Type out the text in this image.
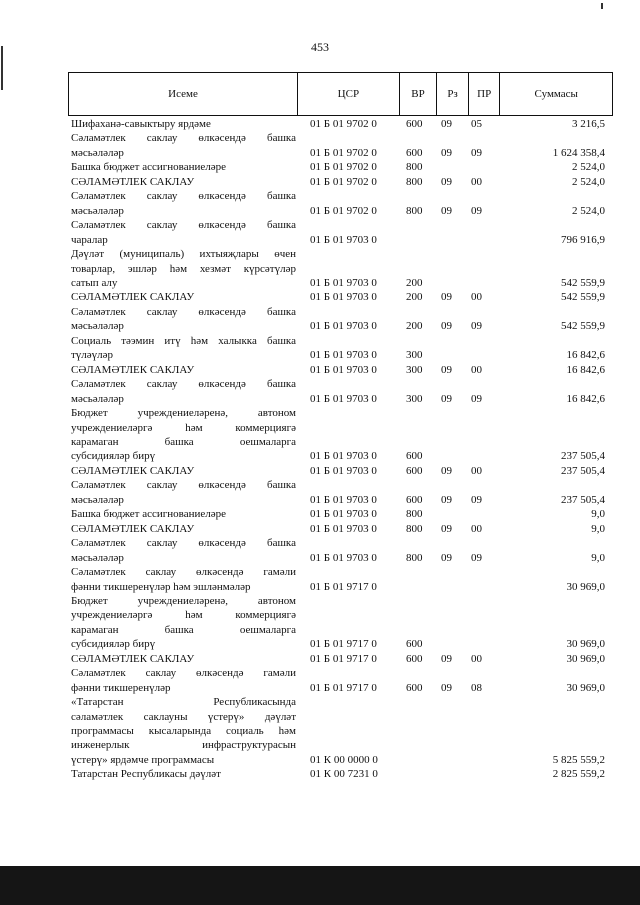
453
Исеме	ЦСР	ВР	Рз	ПР	Суммасы
Шифаханә-савыктыру ярдәме	01 Б 01 9702 0	600	09	05	3 216,5
Сәламәтлек саклау өлкәсендә башка
мәсьәләләр	01 Б 01 9702 0	600	09	09	1 624 358,4
Башка бюджет ассигнованиеләре	01 Б 01 9702 0	800	2 524,0
СӘЛАМӘТЛЕК САКЛАУ	01 Б 01 9702 0	800	09	00	2 524,0
Сәламәтлек саклау өлкәсендә башка
мәсьәләләр	01 Б 01 9702 0	800	09	09	2 524,0
Сәламәтлек саклау өлкәсендә башка
чаралар	01 Б 01 9703 0	796 916,9
Дәүләт (муниципаль) ихтыяҗлары өчен
товарлар, эшләр һәм хезмәт күрсәтүләр
сатып алу	01 Б 01 9703 0	200	542 559,9
СӘЛАМӘТЛЕК САКЛАУ	01 Б 01 9703 0	200	09	00	542 559,9
Сәламәтлек саклау өлкәсендә башка
мәсьәләләр	01 Б 01 9703 0	200	09	09	542 559,9
Социаль тәэмин итү һәм халыкка башка
түләүләр	01 Б 01 9703 0	300	16 842,6
СӘЛАМӘТЛЕК САКЛАУ	01 Б 01 9703 0	300	09	00	16 842,6
Сәламәтлек саклау өлкәсендә башка
мәсьәләләр	01 Б 01 9703 0	300	09	09	16 842,6
Бюджет учреждениеләренә, автоном
учреждениеләргә һәм коммерциягә
карамаган башка оешмаларга
субсидияләр бирү	01 Б 01 9703 0	600	237 505,4
СӘЛАМӘТЛЕК САКЛАУ	01 Б 01 9703 0	600	09	00	237 505,4
Сәламәтлек саклау өлкәсендә башка
мәсьәләләр	01 Б 01 9703 0	600	09	09	237 505,4
Башка бюджет ассигнованиеләре	01 Б 01 9703 0	800	9,0
СӘЛАМӘТЛЕК САКЛАУ	01 Б 01 9703 0	800	09	00	9,0
Сәламәтлек саклау өлкәсендә башка
мәсьәләләр	01 Б 01 9703 0	800	09	09	9,0
Сәламәтлек саклау өлкәсендә гамәли
фәнни тикшеренүләр һәм эшләнмәләр	01 Б 01 9717 0	30 969,0
Бюджет учреждениеләренә, автоном
учреждениеләргә һәм коммерциягә
карамаган башка оешмаларга
субсидияләр бирү	01 Б 01 9717 0	600	30 969,0
СӘЛАМӘТЛЕК САКЛАУ	01 Б 01 9717 0	600	09	00	30 969,0
Сәламәтлек саклау өлкәсендә гамәли
фәнни тикшеренүләр	01 Б 01 9717 0	600	09	08	30 969,0
«Татарстан Республикасында
сәламәтлек саклауны үстерү» дәүләт
программасы кысаларында социаль һәм
инженерлык инфраструктурасын
үстерү» ярдәмче программасы	01 К 00 0000 0	5 825 559,2
Татарстан Республикасы дәүләт	01 К 00 7231 0	2 825 559,2
